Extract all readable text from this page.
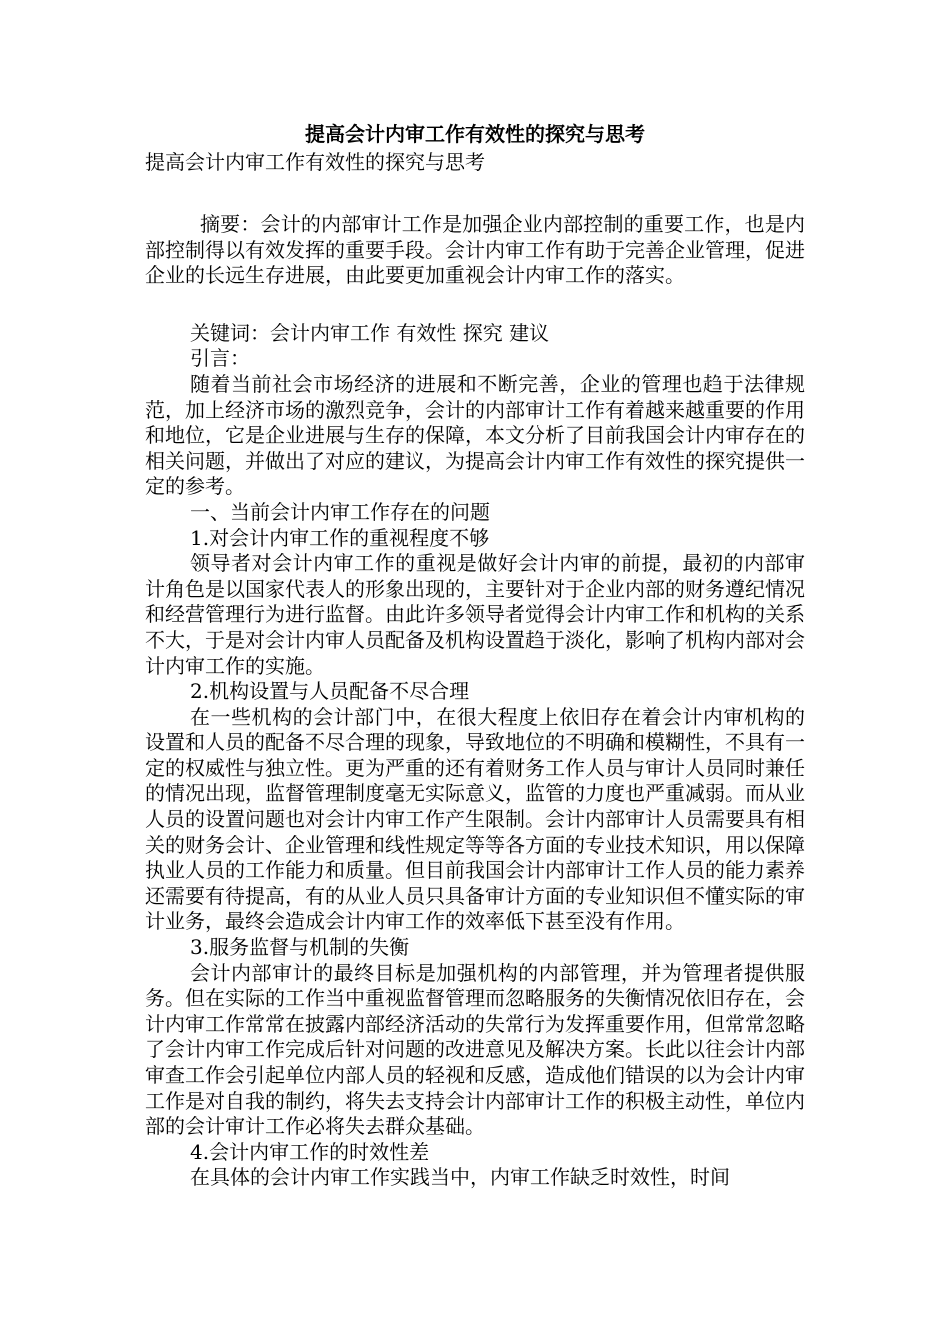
提高会计内审工作有效性的探究与思考
提高会计内审工作有效性的探究与思考

摘要：会计的内部审计工作是加强企业内部控制的重要工作，也是内部控制得以有效发挥的重要手段。会计内审工作有助于完善企业管理，促进企业的长远生存进展，由此要更加重视会计内审工作的落实。

关键词：会计内审工作 有效性 探究 建议

引言：

随着当前社会市场经济的进展和不断完善，企业的管理也趋于法律规范，加上经济市场的激烈竞争，会计的内部审计工作有着越来越重要的作用和地位，它是企业进展与生存的保障，本文分析了目前我国会计内审存在的相关问题，并做出了对应的建议，为提高会计内审工作有效性的探究提供一定的参考。

一、当前会计内审工作存在的问题

1.对会计内审工作的重视程度不够

领导者对会计内审工作的重视是做好会计内审的前提，最初的内部审计角色是以国家代表人的形象出现的，主要针对于企业内部的财务遵纪情况和经营管理行为进行监督。由此许多领导者觉得会计内审工作和机构的关系不大，于是对会计内审人员配备及机构设置趋于淡化，影响了机构内部对会计内审工作的实施。

2.机构设置与人员配备不尽合理

在一些机构的会计部门中，在很大程度上依旧存在着会计内审机构的设置和人员的配备不尽合理的现象，导致地位的不明确和模糊性，不具有一定的权威性与独立性。更为严重的还有着财务工作人员与审计人员同时兼任的情况出现，监督管理制度毫无实际意义，监管的力度也严重减弱。而从业人员的设置问题也对会计内审工作产生限制。会计内部审计人员需要具有相关的财务会计、企业管理和线性规定等等各方面的专业技术知识，用以保障执业人员的工作能力和质量。但目前我国会计内部审计工作人员的能力素养还需要有待提高，有的从业人员只具备审计方面的专业知识但不懂实际的审计业务，最终会造成会计内审工作的效率低下甚至没有作用。

3.服务监督与机制的失衡

会计内部审计的最终目标是加强机构的内部管理，并为管理者提供服务。但在实际的工作当中重视监督管理而忽略服务的失衡情况依旧存在，会计内审工作常常在披露内部经济活动的失常行为发挥重要作用，但常常忽略了会计内审工作完成后针对问题的改进意见及解决方案。长此以往会计内部审查工作会引起单位内部人员的轻视和反感，造成他们错误的以为会计内审工作是对自我的制约，将失去支持会计内部审计工作的积极主动性，单位内部的会计审计工作必将失去群众基础。

4.会计内审工作的时效性差

在具体的会计内审工作实践当中，内审工作缺乏时效性，时间
